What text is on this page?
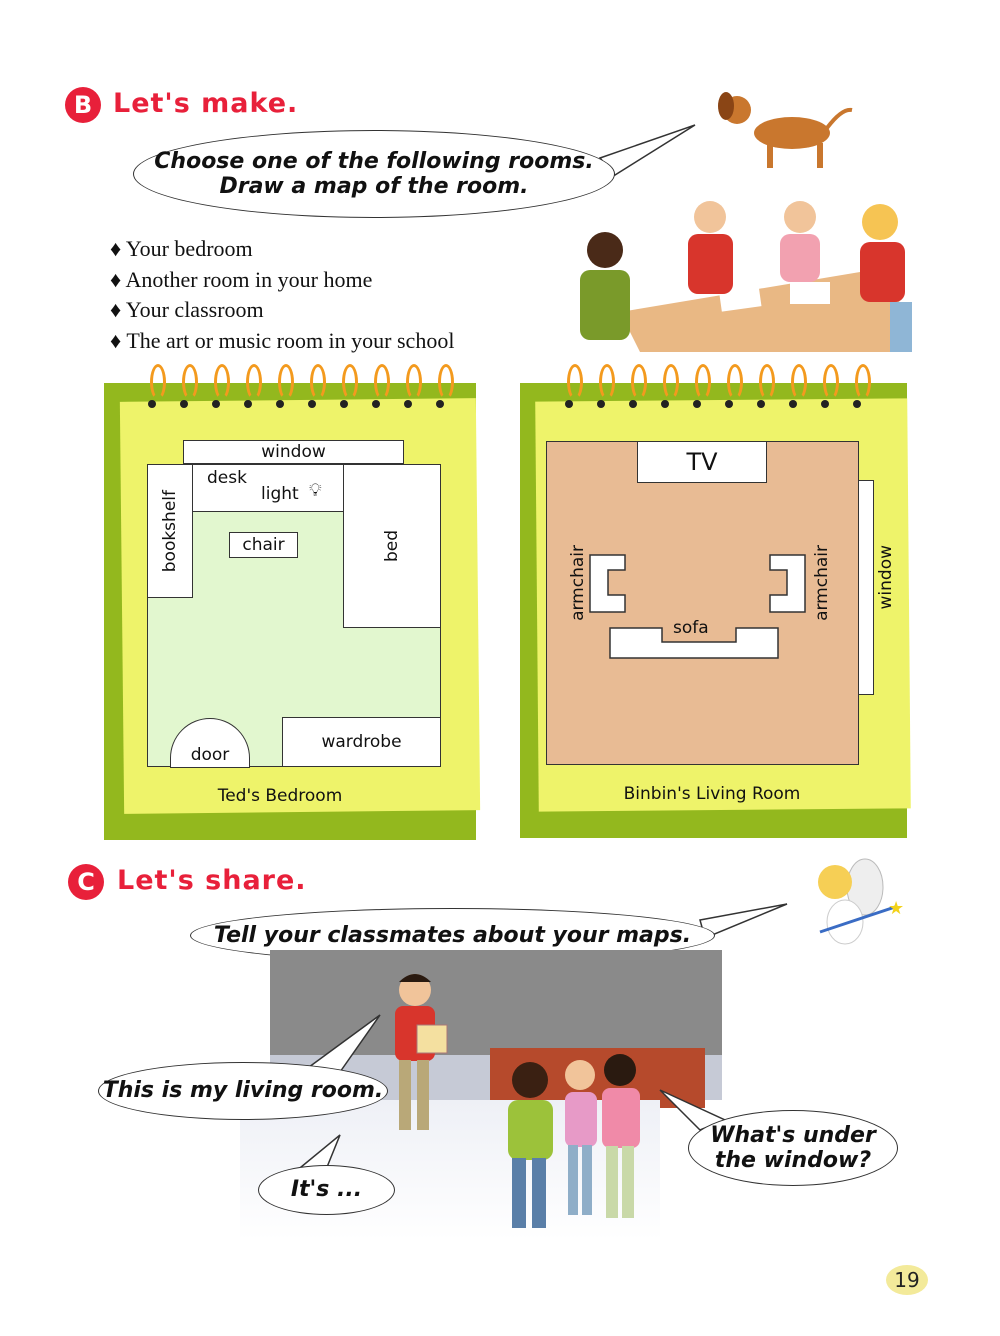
B Let's make.
Choose one of the following rooms.
Draw a map of the room.
♦ Your bedroom
♦ Another room in your home
♦ Your classroom
♦ The art or music room in your school
window
bookshelf
desk
light 💡︎
bed
chair
wardrobe
door
Ted's Bedroom
TV
window
armchair	armchair
sofa
Binbin's Living Room
C Let's share.
Tell your classmates about your maps.
★
This is my living room.
It's ...
What's under
the window?
19
